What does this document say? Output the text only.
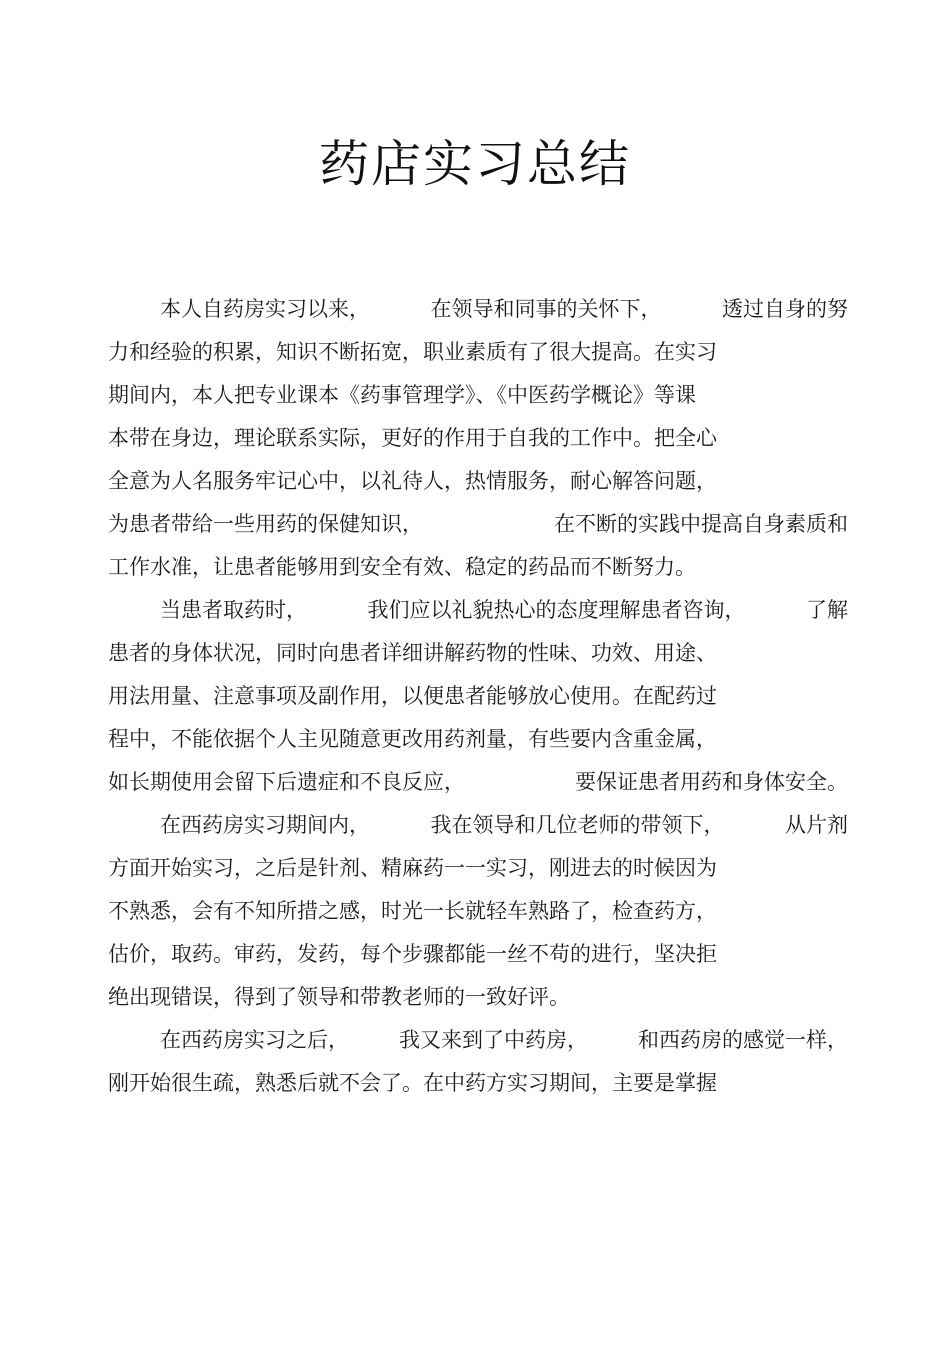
药店实习总结
本人自药房实习以来，	在领导和同事的关怀下，	透过自身的努
力和经验的积累，知识不断拓宽，职业素质有了很大提高。在实习
期间内，本人把专业课本《药事管理学》、《中医药学概论》等课
本带在身边，理论联系实际，更好的作用于自我的工作中。把全心
全意为人名服务牢记心中，以礼待人，热情服务，耐心解答问题，
为患者带给一些用药的保健知识，	在不断的实践中提高自身素质和
工作水准，让患者能够用到安全有效、稳定的药品而不断努力。
当患者取药时，	我们应以礼貌热心的态度理解患者咨询，	了解
患者的身体状况，同时向患者详细讲解药物的性味、功效、用途、
用法用量、注意事项及副作用，以便患者能够放心使用。在配药过
程中，不能依据个人主见随意更改用药剂量，有些要内含重金属，
如长期使用会留下后遗症和不良反应，	要保证患者用药和身体安全。
在西药房实习期间内，	我在领导和几位老师的带领下，	从片剂
方面开始实习，之后是针剂、精麻药一一实习，刚进去的时候因为
不熟悉，会有不知所措之感，时光一长就轻车熟路了，检查药方，
估价，取药。审药，发药，每个步骤都能一丝不苟的进行，坚决拒
绝出现错误，得到了领导和带教老师的一致好评。
在西药房实习之后， 我又来到了中药房， 和西药房的感觉一样，
刚开始很生疏，熟悉后就不会了。在中药方实习期间，主要是掌握
